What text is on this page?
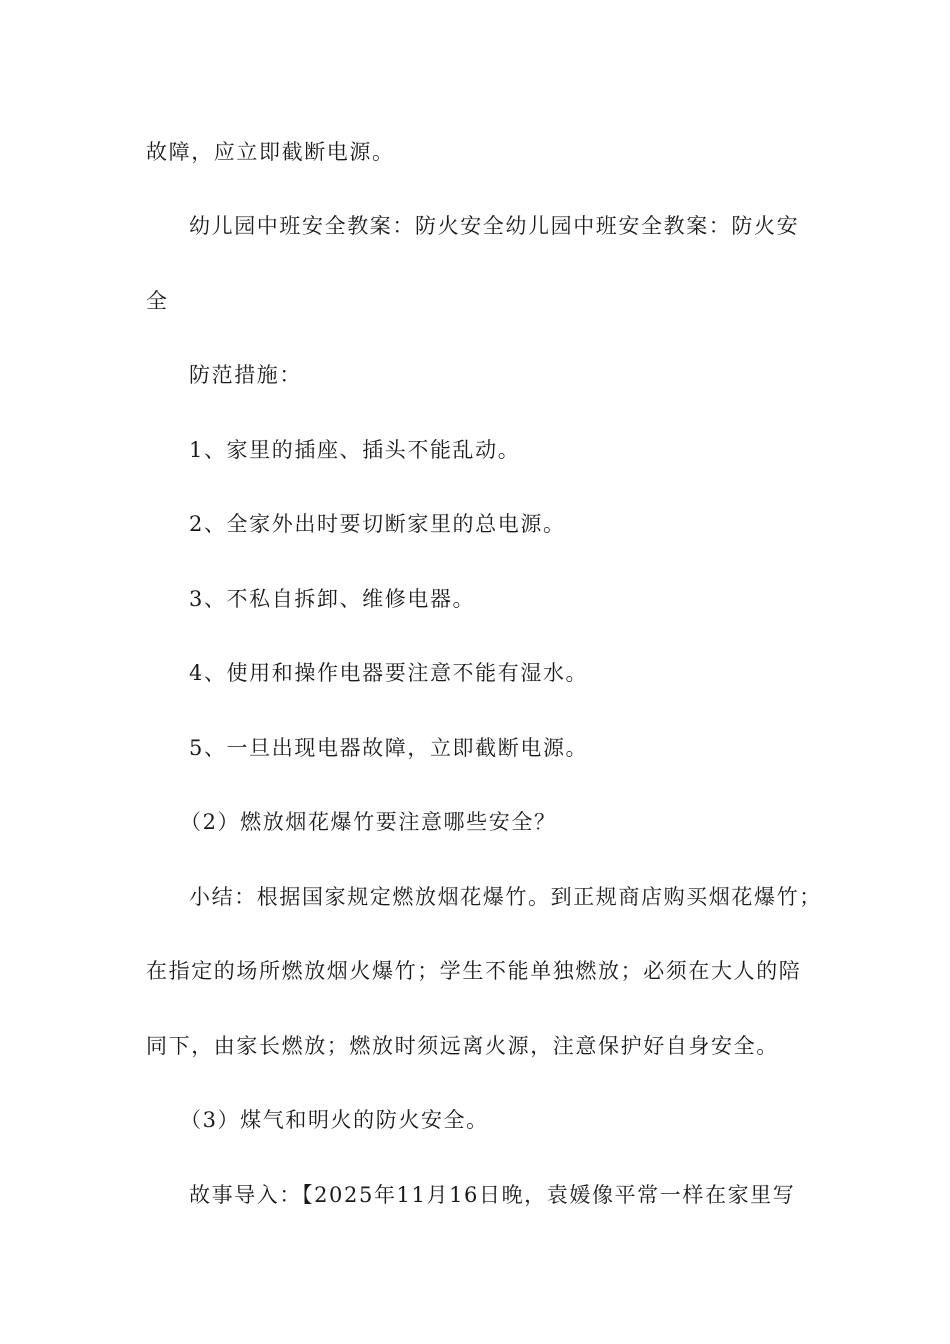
故障，应立即截断电源。
幼儿园中班安全教案：防火安全幼儿园中班安全教案：防火安
全
防范措施：
1、家里的插座、插头不能乱动。
2、全家外出时要切断家里的总电源。
3、不私自拆卸、维修电器。
4、使用和操作电器要注意不能有湿水。
5、一旦出现电器故障，立即截断电源。
（2）燃放烟花爆竹要注意哪些安全？
小结：根据国家规定燃放烟花爆竹。到正规商店购买烟花爆竹；
在指定的场所燃放烟火爆竹；学生不能单独燃放；必须在大人的陪
同下，由家长燃放；燃放时须远离火源，注意保护好自身安全。
（3）煤气和明火的防火安全。
故事导入：【2025年11月16日晚，袁媛像平常一样在家里写
